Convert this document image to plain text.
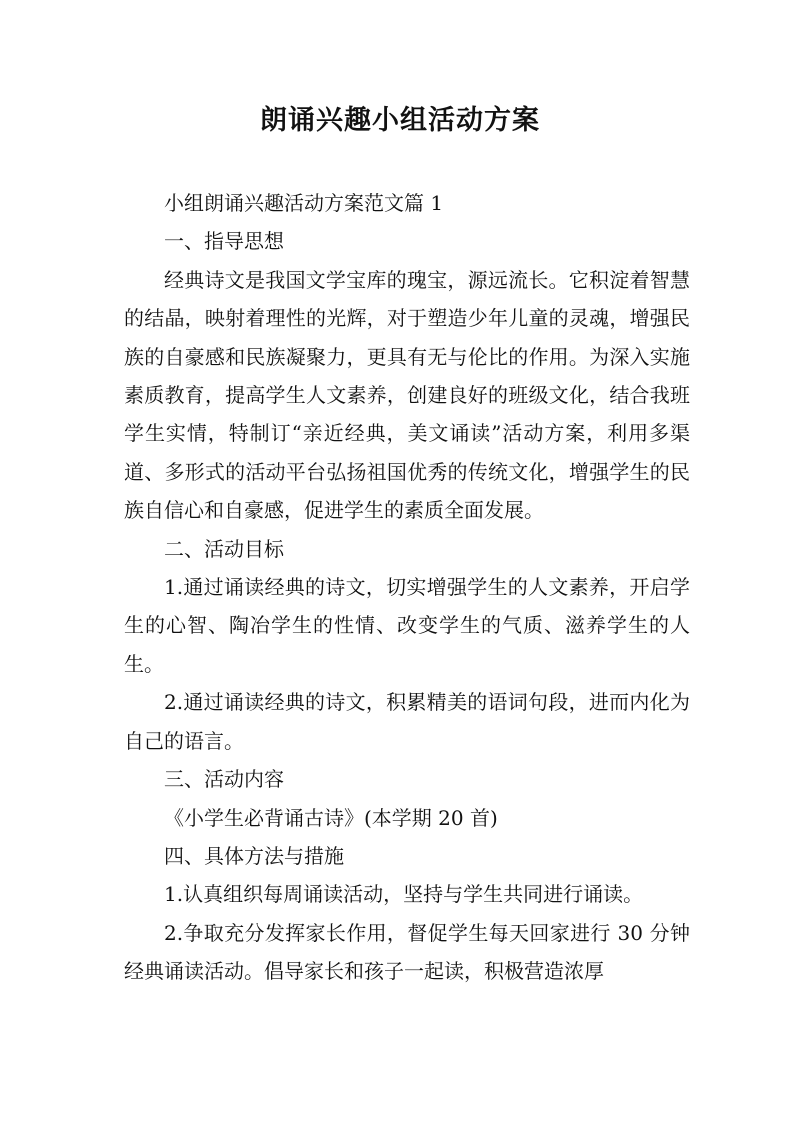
朗诵兴趣小组活动方案

小组朗诵兴趣活动方案范文篇 1

一、指导思想

经典诗文是我国文学宝库的瑰宝，源远流长。它积淀着智慧的结晶，映射着理性的光辉，对于塑造少年儿童的灵魂，增强民族的自豪感和民族凝聚力，更具有无与伦比的作用。为深入实施素质教育，提高学生人文素养，创建良好的班级文化，结合我班学生实情，特制订“亲近经典，美文诵读”活动方案，利用多渠道、多形式的活动平台弘扬祖国优秀的传统文化，增强学生的民族自信心和自豪感，促进学生的素质全面发展。

二、活动目标

1.通过诵读经典的诗文，切实增强学生的人文素养，开启学生的心智、陶冶学生的性情、改变学生的气质、滋养学生的人生。

2.通过诵读经典的诗文，积累精美的语词句段，进而内化为自己的语言。

三、活动内容

《小学生必背诵古诗》(本学期 20 首)

四、具体方法与措施

1.认真组织每周诵读活动，坚持与学生共同进行诵读。

2.争取充分发挥家长作用，督促学生每天回家进行 30 分钟经典诵读活动。倡导家长和孩子一起读，积极营造浓厚
